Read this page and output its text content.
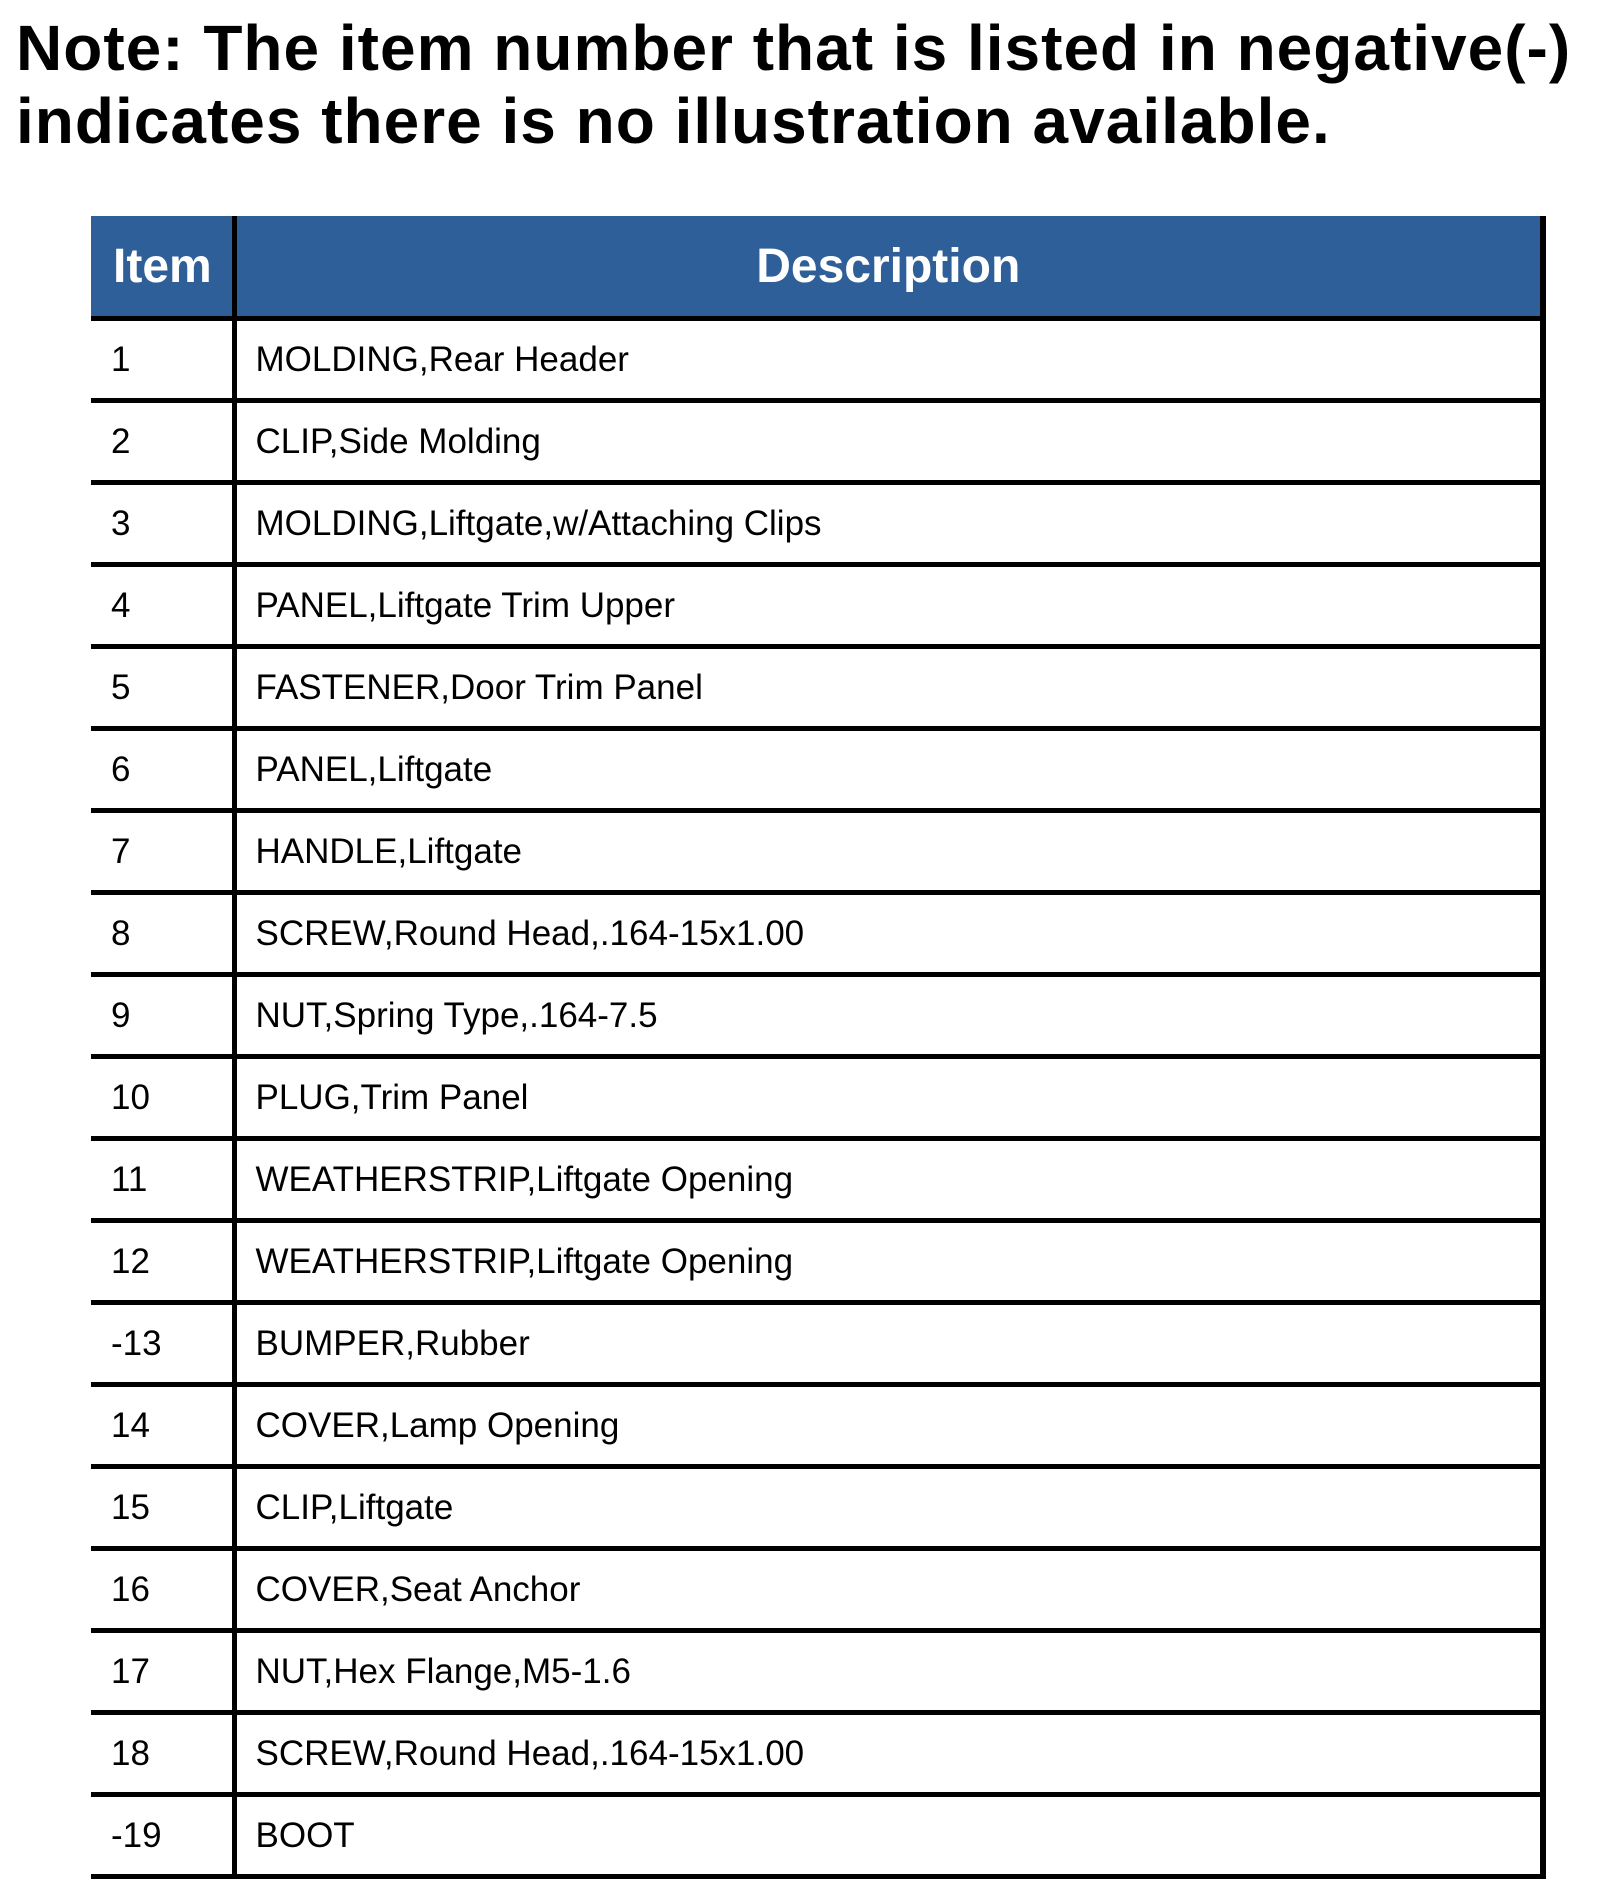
Note: The item number that is listed in negative(-)
indicates there is no illustration available.
Item	Description
1	MOLDING,Rear Header
2	CLIP,Side Molding
3	MOLDING,Liftgate,w/Attaching Clips
4	PANEL,Liftgate Trim Upper
5	FASTENER,Door Trim Panel
6	PANEL,Liftgate
7	HANDLE,Liftgate
8	SCREW,Round Head,.164-15x1.00
9	NUT,Spring Type,.164-7.5
10	PLUG,Trim Panel
11	WEATHERSTRIP,Liftgate Opening
12	WEATHERSTRIP,Liftgate Opening
-13	BUMPER,Rubber
14	COVER,Lamp Opening
15	CLIP,Liftgate
16	COVER,Seat Anchor
17	NUT,Hex Flange,M5-1.6
18	SCREW,Round Head,.164-15x1.00
-19	BOOT
